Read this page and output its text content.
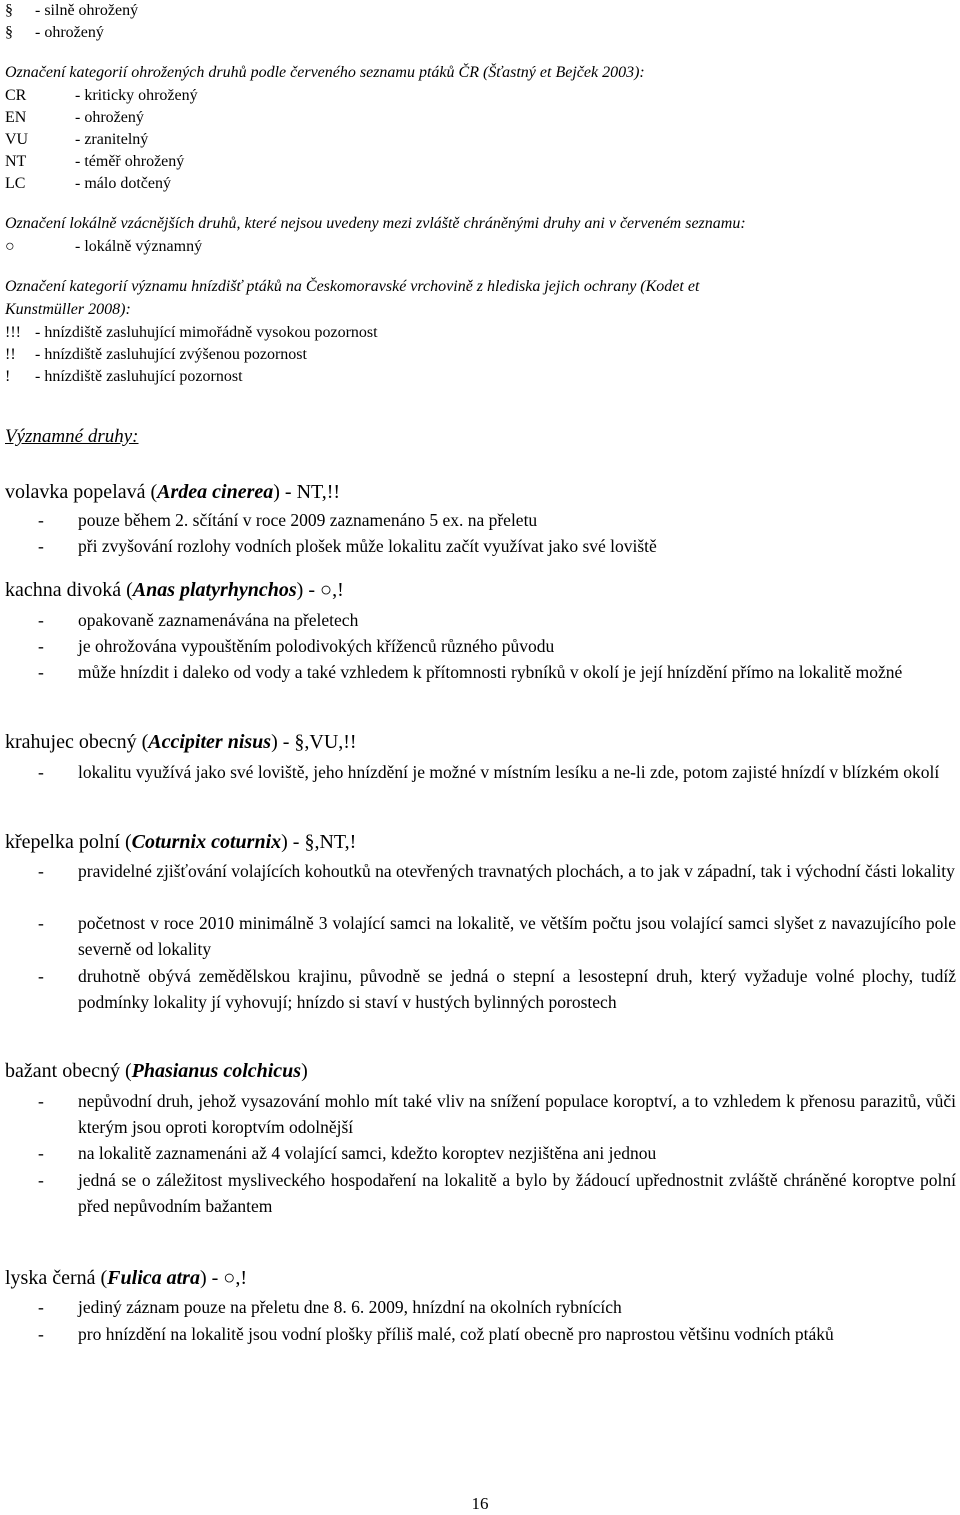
§ - silně ohrožený
§ - ohrožený
Označení kategorií ohrožených druhů podle červeného seznamu ptáků ČR (Šťastný et Bejček 2003):
CR	- kriticky ohrožený
EN	- ohrožený
VU	- zranitelný
NT	- téměř ohrožený
LC	- málo dotčený
Označení lokálně vzácnějších druhů, které nejsou uvedeny mezi zvláště chráněnými druhy ani v červeném seznamu:
○	- lokálně významný
Označení kategorií významu hnízdišť ptáků na Českomoravské vrchovině z hlediska jejich ochrany (Kodet et
Kunstmüller 2008):
!!! - hnízdiště zasluhující mimořádně vysokou pozornost
!! - hnízdiště zasluhující zvýšenou pozornost
! - hnízdiště zasluhující pozornost
Významné druhy:
volavka popelavá (Ardea cinerea) - NT,!!
- pouze během 2. sčítání v roce 2009 zaznamenáno 5 ex. na přeletu
- při zvyšování rozlohy vodních plošek může lokalitu začít využívat jako své loviště
kachna divoká (Anas platyrhynchos) - ○,!
- opakovaně zaznamenávána na přeletech
- je ohrožována vypouštěním polodivokých kříženců různého původu
- může hnízdit i daleko od vody a také vzhledem k přítomnosti rybníků v okolí je její hnízdění přímo na lokalitě možné
krahujec obecný (Accipiter nisus) - §,VU,!!
- lokalitu využívá jako své loviště, jeho hnízdění je možné v místním lesíku a ne-li zde, potom zajisté hnízdí v blízkém okolí
křepelka polní (Coturnix coturnix) - §,NT,!
- pravidelné zjišťování volajících kohoutků na otevřených travnatých plochách, a to jak v západní, tak i východní části lokality
- početnost v roce 2010 minimálně 3 volající samci na lokalitě, ve větším počtu jsou volající samci slyšet z navazujícího pole severně od lokality
- druhotně obývá zemědělskou krajinu, původně se jedná o stepní a lesostepní druh, který vyžaduje volné plochy, tudíž podmínky lokality jí vyhovují; hnízdo si staví v hustých bylinných porostech
bažant obecný (Phasianus colchicus)
- nepůvodní druh, jehož vysazování mohlo mít také vliv na snížení populace koroptví, a to vzhledem k přenosu parazitů, vůči kterým jsou oproti koroptvím odolnější
- na lokalitě zaznamenáni až 4 volající samci, kdežto koroptev nezjištěna ani jednou
- jedná se o záležitost mysliveckého hospodaření na lokalitě a bylo by žádoucí upřednostnit zvláště chráněné koroptve polní před nepůvodním bažantem
lyska černá (Fulica atra) - ○,!
- jediný záznam pouze na přeletu dne 8. 6. 2009, hnízdní na okolních rybnících
- pro hnízdění na lokalitě jsou vodní plošky příliš malé, což platí obecně pro naprostou většinu vodních ptáků
16
